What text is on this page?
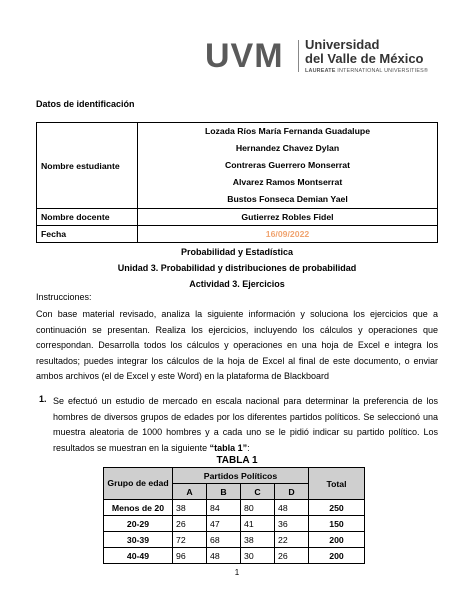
UVM Universidad
del Valle de México
LAUREATE INTERNATIONAL UNIVERSITIES®
Datos de identificación
Nombre estudiante	Lozada Ríos María Fernanda Guadalupe
Hernandez Chavez Dylan
Contreras Guerrero Monserrat
Alvarez Ramos Montserrat
Bustos Fonseca Demian Yael

Nombre docente	Gutierrez Robles Fidel
Fecha	16/09/2022
Probabilidad y Estadística
Unidad 3. Probabilidad y distribuciones de probabilidad
Actividad 3. Ejercicios
Instrucciones:
Con base material revisado, analiza la siguiente información y soluciona los ejercicios que a continuación se presentan. Realiza los ejercicios, incluyendo los cálculos y operaciones que correspondan. Desarrolla todos los cálculos y operaciones en una hoja de Excel e integra los resultados; puedes integrar los cálculos de la hoja de Excel al final de este documento, o enviar ambos archivos (el de Excel y este Word) en la plataforma de Blackboard
1. Se efectuó un estudio de mercado en escala nacional para determinar la preferencia de los hombres de diversos grupos de edades por los diferentes partidos políticos. Se seleccionó una muestra aleatoria de 1000 hombres y a cada uno se le pidió indicar su partido político. Los resultados se muestran en la siguiente “tabla 1”:
TABLA 1
Grupo de edad	Partidos Políticos				Total
	A	B	C	D	
Menos de 20	38	84	80	48	250
20-29	26	47	41	36	150
30-39	72	68	38	22	200
40-49	96	48	30	26	200
1
